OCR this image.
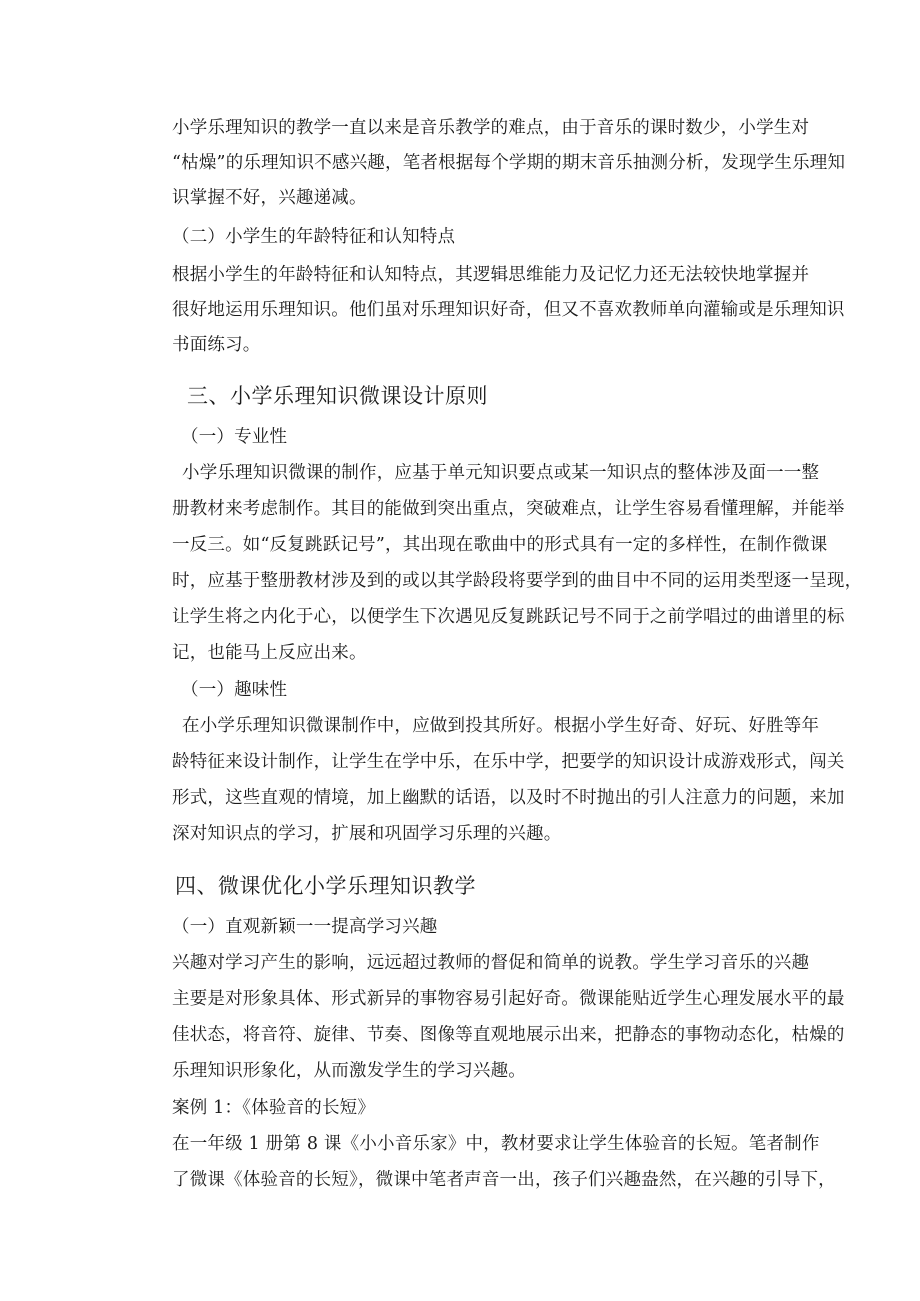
小学乐理知识的教学一直以来是音乐教学的难点，由于音乐的课时数少，小学生对
“枯燥”的乐理知识不感兴趣，笔者根据每个学期的期末音乐抽测分析，发现学生乐理知
识掌握不好，兴趣递减。
（二）小学生的年龄特征和认知特点
根据小学生的年龄特征和认知特点，其逻辑思维能力及记忆力还无法较快地掌握并
很好地运用乐理知识。他们虽对乐理知识好奇，但又不喜欢教师单向灌输或是乐理知识
书面练习。
三、小学乐理知识微课设计原则
（一）专业性
小学乐理知识微课的制作，应基于单元知识要点或某一知识点的整体涉及面一一整
册教材来考虑制作。其目的能做到突出重点，突破难点，让学生容易看懂理解，并能举
一反三。如“反复跳跃记号”，其出现在歌曲中的形式具有一定的多样性，在制作微课
时，应基于整册教材涉及到的或以其学龄段将要学到的曲目中不同的运用类型逐一呈现，
让学生将之内化于心，以便学生下次遇见反复跳跃记号不同于之前学唱过的曲谱里的标
记，也能马上反应出来。
（一）趣味性
在小学乐理知识微课制作中，应做到投其所好。根据小学生好奇、好玩、好胜等年
龄特征来设计制作，让学生在学中乐，在乐中学，把要学的知识设计成游戏形式，闯关
形式，这些直观的情境，加上幽默的话语，以及时不时抛出的引人注意力的问题，来加
深对知识点的学习，扩展和巩固学习乐理的兴趣。
四、微课优化小学乐理知识教学
（一）直观新颖一一提高学习兴趣
兴趣对学习产生的影响，远远超过教师的督促和简单的说教。学生学习音乐的兴趣
主要是对形象具体、形式新异的事物容易引起好奇。微课能贴近学生心理发展水平的最
佳状态，将音符、旋律、节奏、图像等直观地展示出来，把静态的事物动态化，枯燥的
乐理知识形象化，从而激发学生的学习兴趣。
案例 1：《体验音的长短》
在一年级 1 册第 8 课《小小音乐家》中，教材要求让学生体验音的长短。笔者制作
了微课《体验音的长短》，微课中笔者声音一出，孩子们兴趣盎然，在兴趣的引导下，
